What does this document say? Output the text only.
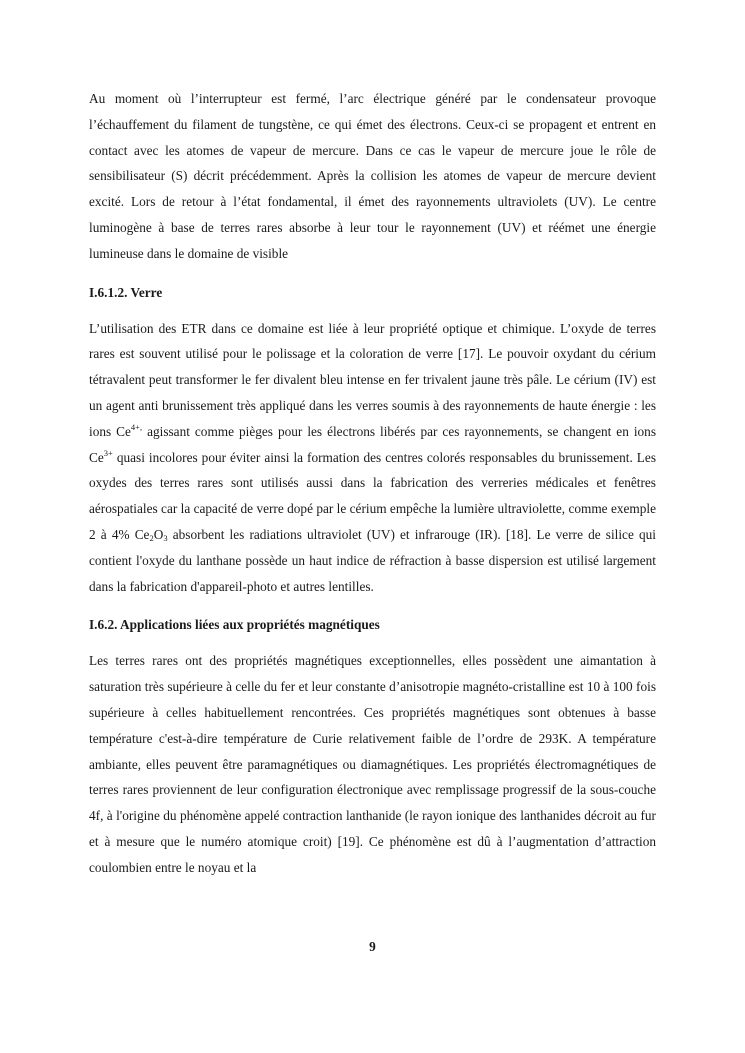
Au moment où l’interrupteur est fermé, l’arc électrique généré par le condensateur provoque l’échauffement du filament de tungstène, ce qui émet des électrons. Ceux-ci se propagent et entrent en contact avec les atomes de vapeur de mercure. Dans ce cas le vapeur de mercure joue le rôle de sensibilisateur (S) décrit précédemment. Après la collision les atomes de vapeur de mercure devient excité. Lors de retour à l’état fondamental, il émet des rayonnements ultraviolets (UV). Le centre luminogène à base de terres rares absorbe à leur tour le rayonnement (UV) et réémet une énergie lumineuse dans le domaine de visible

I.6.1.2. Verre

L’utilisation des ETR dans ce domaine est liée à leur propriété optique et chimique. L’oxyde de terres rares est souvent utilisé pour le polissage et la coloration de verre [17]. Le pouvoir oxydant du cérium tétravalent peut transformer le fer divalent bleu intense en fer trivalent jaune très pâle. Le cérium (IV) est un agent anti brunissement très appliqué dans les verres soumis à des rayonnements de haute énergie : les ions $Ce^{4+,}$ agissant comme pièges pour les électrons libérés par ces rayonnements, se changent en ions $Ce^{3+}$ quasi incolores pour éviter ainsi la formation des centres colorés responsables du brunissement. Les oxydes des terres rares sont utilisés aussi dans la fabrication des verreries médicales et fenêtres aérospatiales car la capacité de verre dopé par le cérium empêche la lumière ultraviolette, comme exemple 2 à 4% $Ce_2O_3$ absorbent les radiations ultraviolet (UV) et infrarouge (IR). [18]. Le verre de silice qui contient l'oxyde du lanthane possède un haut indice de réfraction à basse dispersion est utilisé largement dans la fabrication d'appareil-photo et autres lentilles.

I.6.2. Applications liées aux propriétés magnétiques

Les terres rares ont des propriétés magnétiques exceptionnelles, elles possèdent une aimantation à saturation très supérieure à celle du fer et leur constante d’anisotropie magnéto-cristalline est 10 à 100 fois supérieure à celles habituellement rencontrées. Ces propriétés magnétiques sont obtenues à basse température c'est-à-dire température de Curie relativement faible de l’ordre de 293K. A température ambiante, elles peuvent être paramagnétiques ou diamagnétiques. Les propriétés électromagnétiques de terres rares proviennent de leur configuration électronique avec remplissage progressif de la sous-couche 4f, à l'origine du phénomène appelé contraction lanthanide (le rayon ionique des lanthanides décroit au fur et à mesure que le numéro atomique croit) [19]. Ce phénomène est dû à l’augmentation d’attraction coulombien entre le noyau et la

9
